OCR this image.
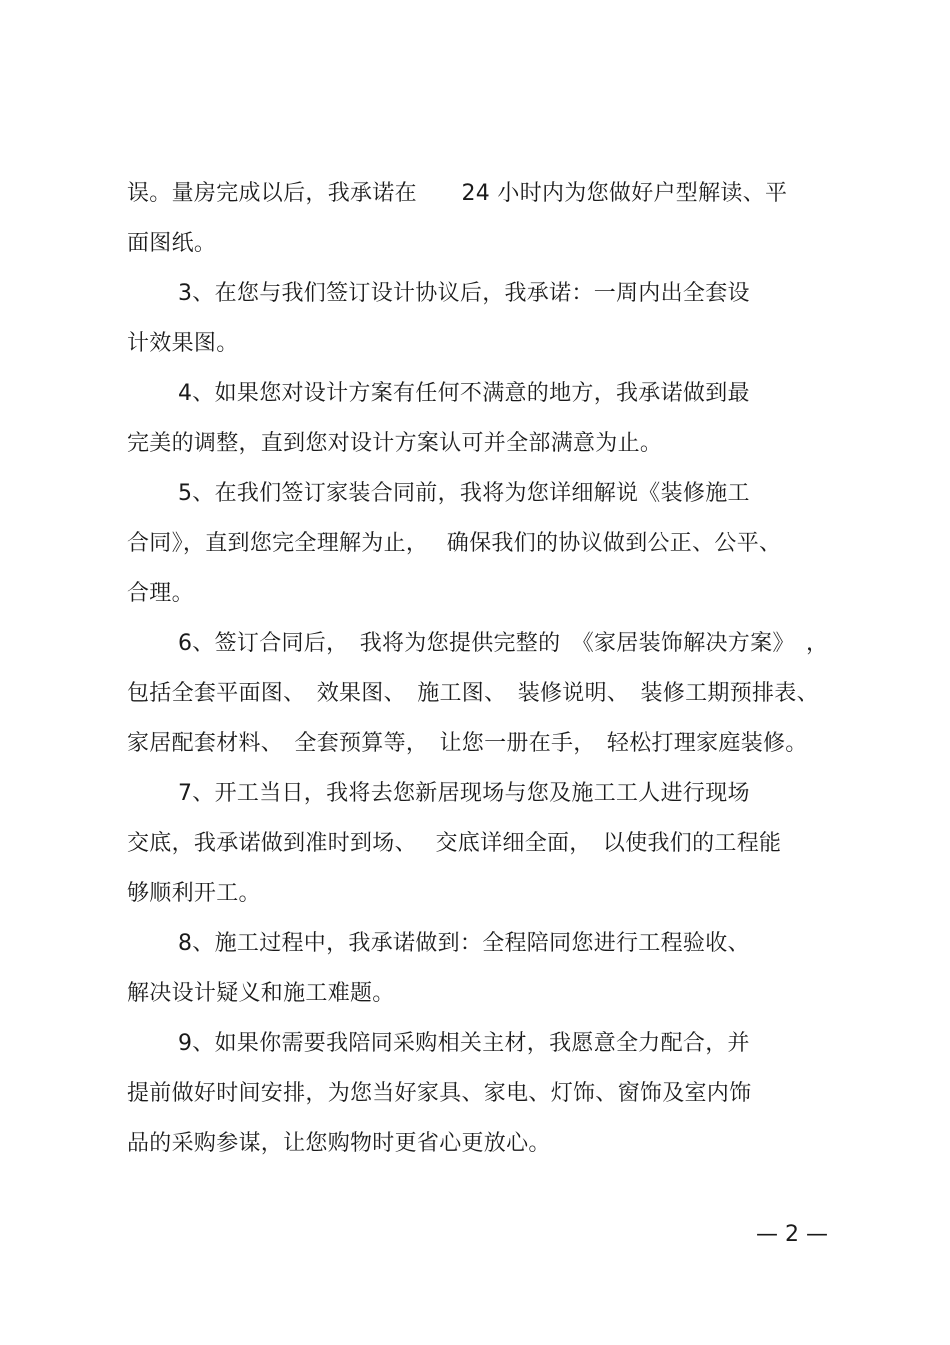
误。量房完成以后，我承诺在　　24 小时内为您做好户型解读、平
面图纸。
3、在您与我们签订设计协议后，我承诺：一周内出全套设
计效果图。
4、如果您对设计方案有任何不满意的地方，我承诺做到最
完美的调整，直到您对设计方案认可并全部满意为止。
5、在我们签订家装合同前，我将为您详细解说《装修施工
合同》，直到您完全理解为止，　 确保我们的协议做到公正、公平、
合理。
6、签订合同后，　我将为您提供完整的　《家居装饰解决方案》　，
包括全套平面图、　效果图、　施工图、　装修说明、　装修工期预排表、
家居配套材料、　全套预算等，　让您一册在手，　轻松打理家庭装修。
7、开工当日，我将去您新居现场与您及施工工人进行现场
交底，我承诺做到准时到场、　 交底详细全面，　以使我们的工程能
够顺利开工。
8、施工过程中，我承诺做到：全程陪同您进行工程验收、
解决设计疑义和施工难题。
9、如果你需要我陪同采购相关主材，我愿意全力配合，并
提前做好时间安排，为您当好家具、家电、灯饰、窗饰及室内饰
品的采购参谋，让您购物时更省心更放心。
— 2 —
